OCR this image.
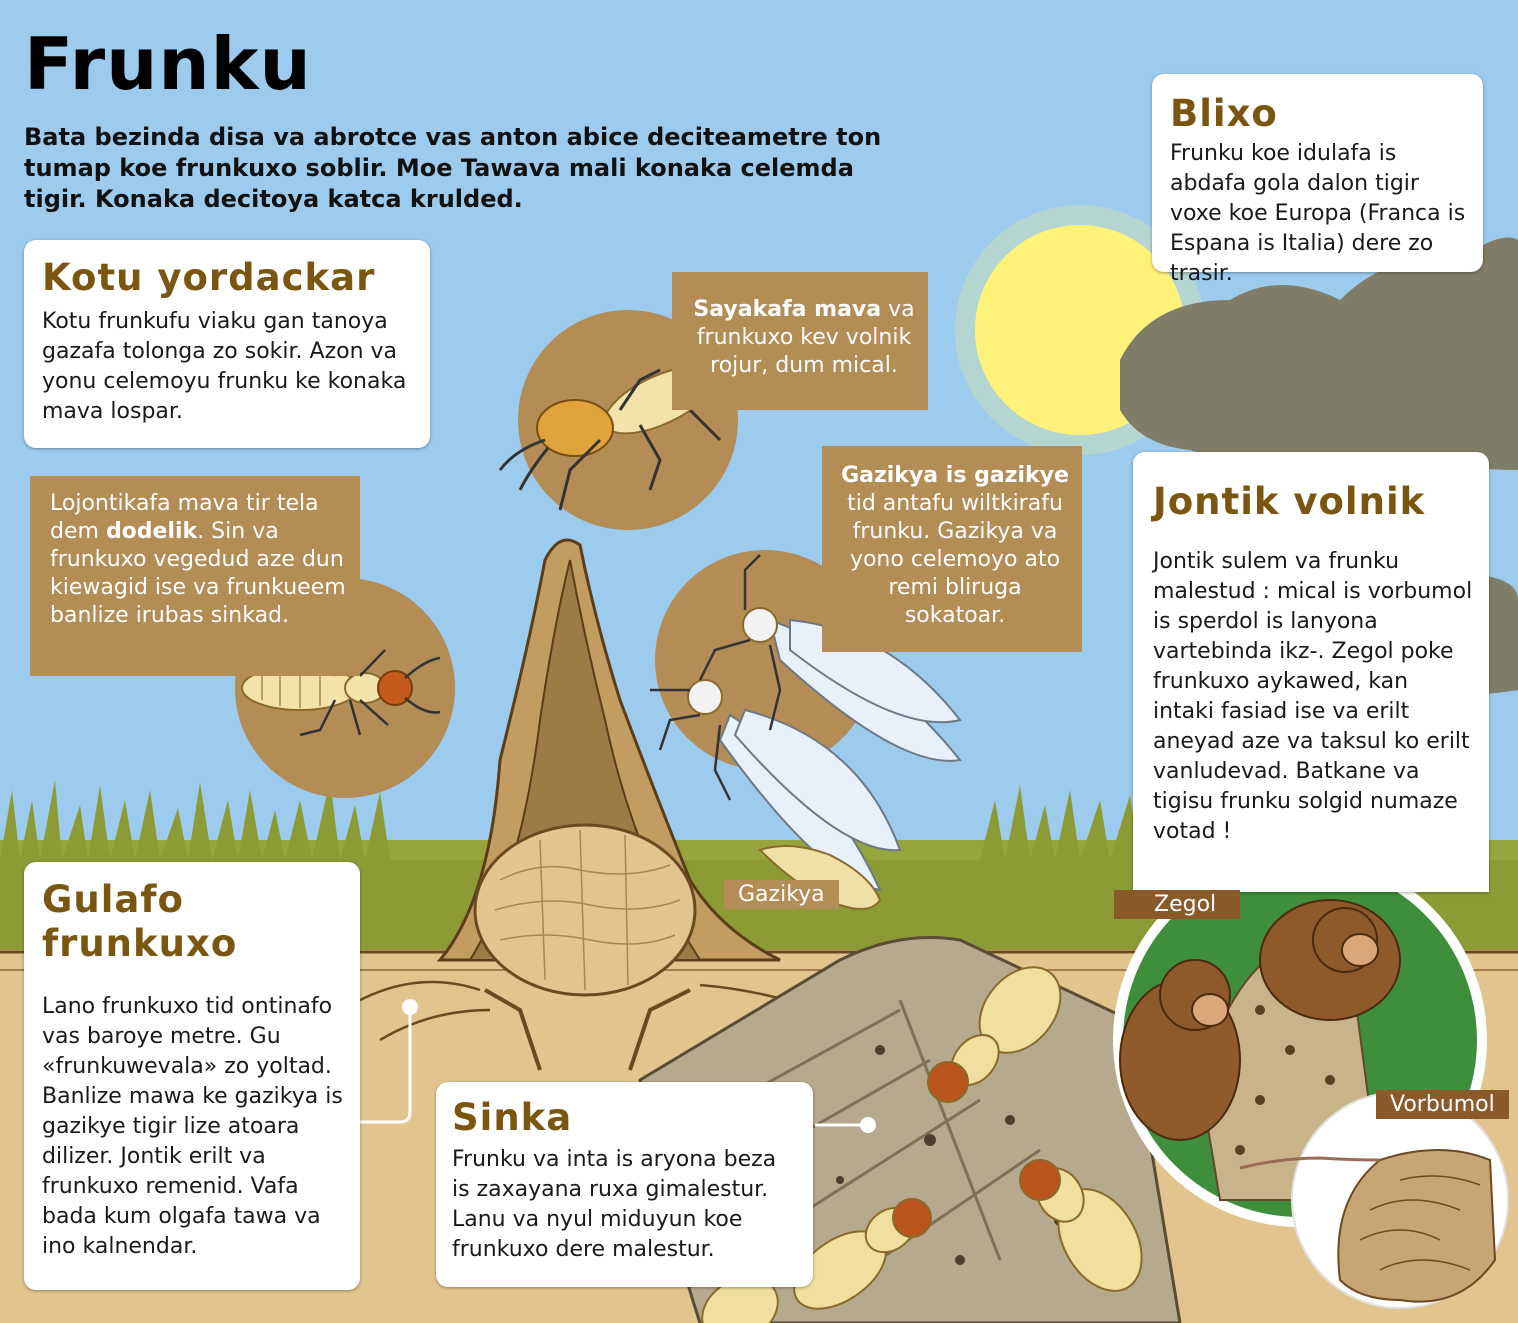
Frunku
Bata bezinda disa va abrotce vas anton abice deciteametre ton tumap koe frunkuxo soblir. Moe Tawava mali konaka celemda tigir. Konaka decitoya katca krulded.
Kotu yordackar

Kotu frunkufu viaku gan tanoya gazafa tolonga zo sokir. Azon va yonu celemoyu frunku ke konaka mava lospar.

Blixo

Frunku koe idulafa is abdafa gola dalon tigir voxe koe Europa (Franca is Espana is Italia) dere zo trasir.

Jontik volnik

Jontik sulem va frunku malestud : mical is vorbumol is sperdol is lanyona vartebinda ikz-. Zegol poke frunkuxo aykawed, kan intaki fasiad ise va erilt aneyad aze va taksul ko erilt vanludevad. Batkane va tigisu frunku solgid numaze votad !

Gulafo frunkuxo

Lano frunkuxo tid ontinafo vas baroye metre. Gu «frunkuwevala» zo yoltad. Banlize mawa ke gazikya is gazikye tigir lize atoara dilizer. Jontik erilt va frunkuxo remenid. Vafa bada kum olgafa tawa va ino kalnendar.

Sinka

Frunku va inta is aryona beza is zaxayana ruxa gimalestur. Lanu va nyul miduyun koe frunkuxo dere malestur.

Lojontikafa mava tir tela dem dodelik. Sin va frunkuxo vegedud aze dun kiewagid ise va frunkueem banlize irubas sinkad.
Sayakafa mava va frunkuxo kev volnik rojur, dum mical.
Gazikya is gazikye tid antafu wiltkirafu frunku. Gazikya va yono celemoyo ato remi bliruga sokatoar.
Gazikya	Zegol
Vorbumol
